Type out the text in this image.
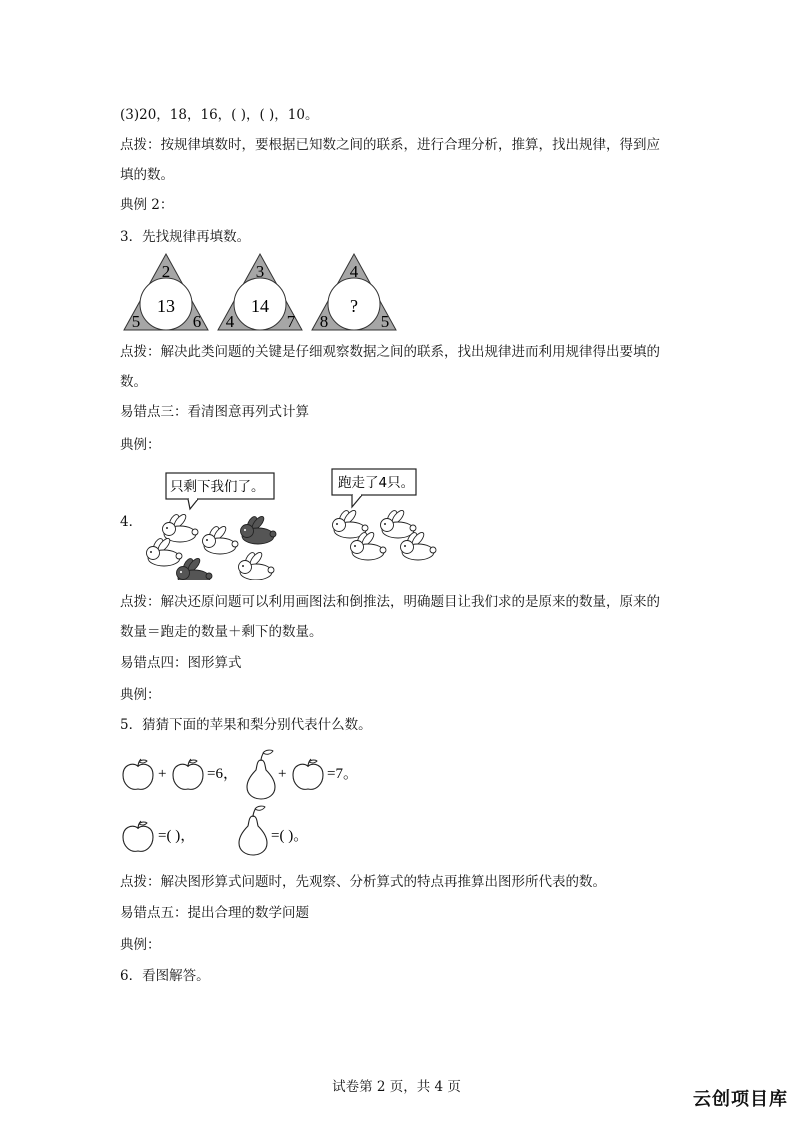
(3)20，18，16，( )，( )，10。
点拨：按规律填数时，要根据已知数之间的联系，进行合理分析，推算，找出规律，得到应
填的数。
典例 2：
3．先找规律再填数。
2
5	6
13
3
4	7
14
4
8	5
?
点拨：解决此类问题的关键是仔细观察数据之间的联系，找出规律进而利用规律得出要填的
数。
易错点三：看清图意再列式计算
典例：
4．
只剩下我们了。	跑走了4只。
点拨：解决还原问题可以利用画图法和倒推法，明确题目让我们求的是原来的数量，原来的
数量＝跑走的数量＋剩下的数量。
易错点四：图形算式
典例：
5．猜猜下面的苹果和梨分别代表什么数。
+	=6，	+	=7。
=( )，	=( )。
点拨：解决图形算式问题时，先观察、分析算式的特点再推算出图形所代表的数。
易错点五：提出合理的数学问题
典例：
6．看图解答。
试卷第 2 页，共 4 页
云创项目库
